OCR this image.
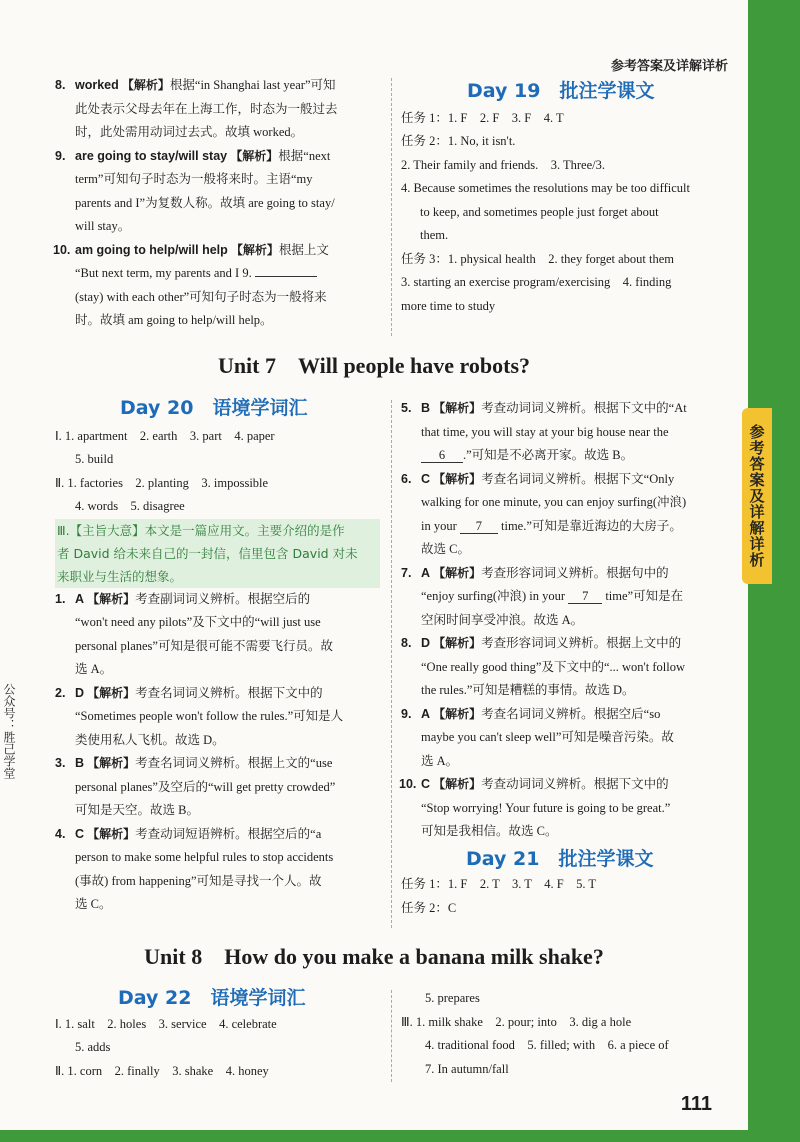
参考答案及详解详析
参考答案及详解详析
公众号：胜己学堂
8. worked 【解析】根据“in Shanghai last year”可知
此处表示父母去年在上海工作，时态为一般过去
时，此处需用动词过去式。故填 worked。
9. are going to stay/will stay 【解析】根据“next
term”可知句子时态为一般将来时。主语“my
parents and I”为复数人称。故填 are going to stay/
will stay。
10. am going to help/will help 【解析】根据上文
“But next term, my parents and I 9.
(stay) with each other”可知句子时态为一般将来
时。故填 am going to help/will help。
Day 19　批注学课文
任务 1：1. F　2. F　3. F　4. T
任务 2：1. No, it isn't.
2. Their family and friends.　3. Three/3.
4. Because sometimes the resolutions may be too difficult
to keep, and sometimes people just forget about
them.
任务 3：1. physical health　2. they forget about them
3. starting an exercise program/exercising　4. finding
more time to study
Unit 7　Will people have robots?
Day 20　语境学词汇
Ⅰ. 1. apartment　2. earth　3. part　4. paper
5. build
Ⅱ. 1. factories　2. planting　3. impossible
4. words　5. disagree
Ⅲ.【主旨大意】本文是一篇应用文。主要介绍的是作
者 David 给未来自己的一封信，信里包含 David 对未
来职业与生活的想象。
1. A 【解析】考查副词词义辨析。根据空后的
“won't need any pilots”及下文中的“will just use
personal planes”可知是很可能不需要飞行员。故
选 A。
2. D 【解析】考查名词词义辨析。根据下文中的
“Sometimes people won't follow the rules.”可知是人
类使用私人飞机。故选 D。
3. B 【解析】考查名词词义辨析。根据上文的“use
personal planes”及空后的“will get pretty crowded”
可知是天空。故选 B。
4. C 【解析】考查动词短语辨析。根据空后的“a
person to make some helpful rules to stop accidents
(事故) from happening”可知是寻找一个人。故
选 C。
5. B 【解析】考查动词词义辨析。根据下文中的“At
that time, you will stay at your big house near the
6 .”可知是不必离开家。故选 B。
6. C 【解析】考查名词词义辨析。根据下文“Only
walking for one minute, you can enjoy surfing(冲浪)
in your 7 time.”可知是靠近海边的大房子。
故选 C。
7. A 【解析】考查形容词词义辨析。根据句中的
“enjoy surfing(冲浪) in your 7 time”可知是在
空闲时间享受冲浪。故选 A。
8. D 【解析】考查形容词词义辨析。根据上文中的
“One really good thing”及下文中的“... won't follow
the rules.”可知是糟糕的事情。故选 D。
9. A 【解析】考查名词词义辨析。根据空后“so
maybe you can't sleep well”可知是噪音污染。故
选 A。
10. C 【解析】考查动词词义辨析。根据下文中的
“Stop worrying! Your future is going to be great.”
可知是我相信。故选 C。
Day 21　批注学课文
任务 1：1. F　2. T　3. T　4. F　5. T
任务 2：C
Unit 8　How do you make a banana milk shake?
Day 22　语境学词汇
Ⅰ. 1. salt　2. holes　3. service　4. celebrate
5. adds
Ⅱ. 1. corn　2. finally　3. shake　4. honey
5. prepares
Ⅲ. 1. milk shake　2. pour; into　3. dig a hole
4. traditional food　5. filled; with　6. a piece of
7. In autumn/fall
111
